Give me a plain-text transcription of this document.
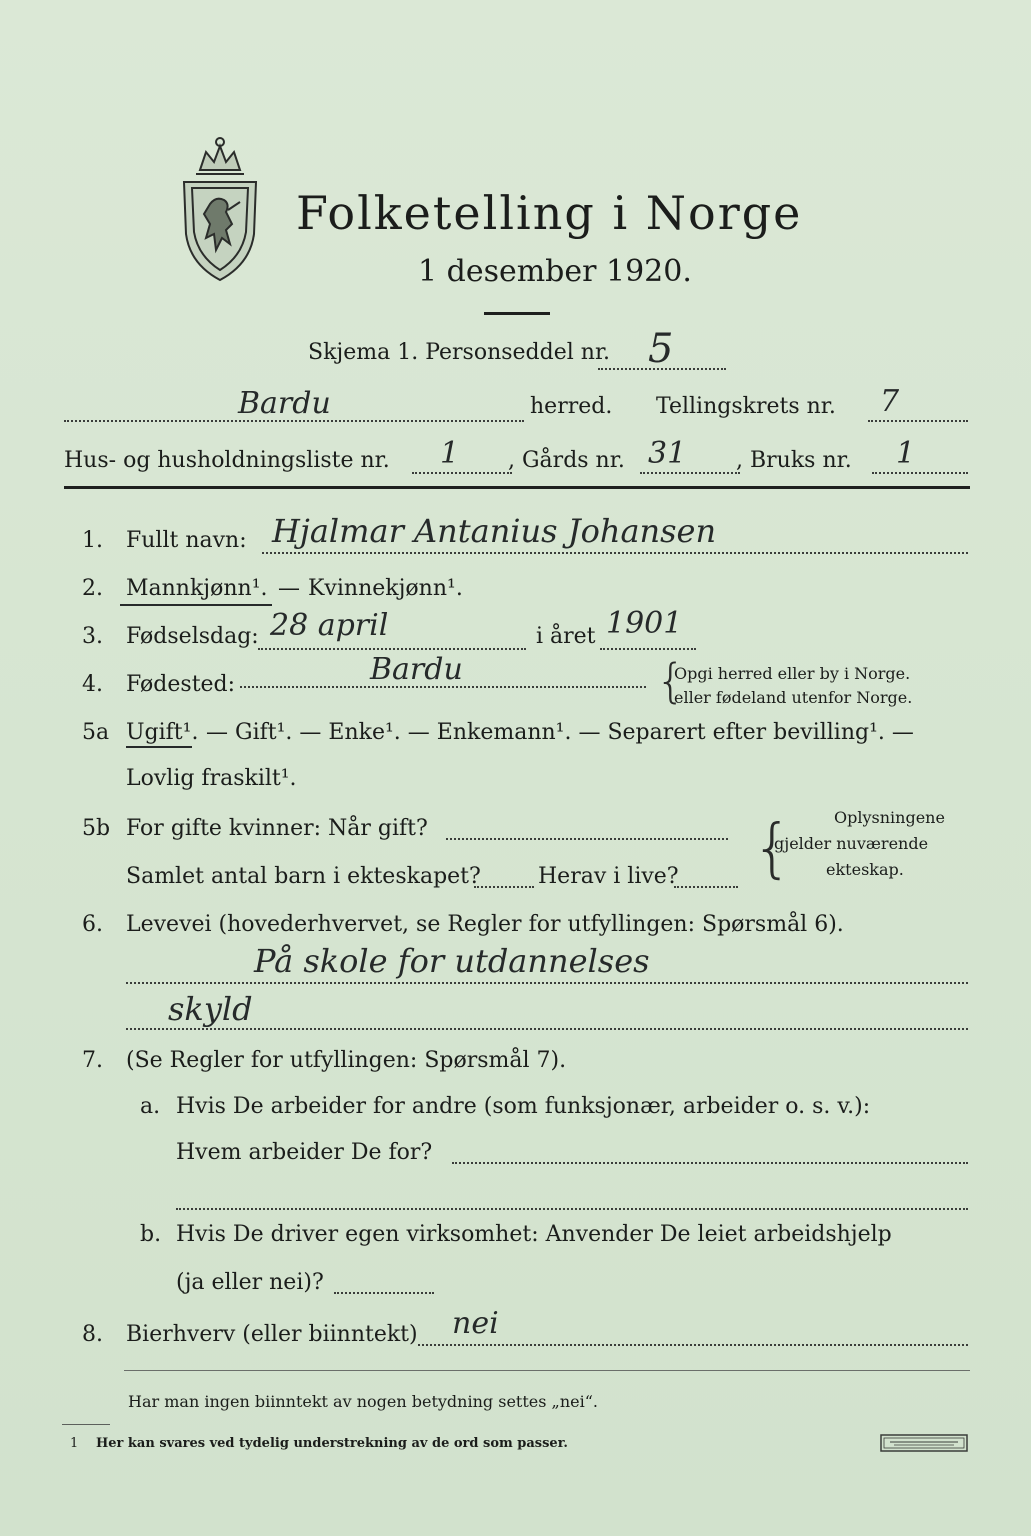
Folketelling i Norge
1 desember 1920.
Skjema 1. Personseddel nr. 5
Bardu	herred. Tellingskrets nr. 7
Hus- og husholdningsliste nr. 1 , Gårds nr. 31 , Bruks nr. 1
1. Fullt navn: Hjalmar Antanius Johansen
2. Mannkjønn¹. — Kvinnekjønn¹.
3. Fødselsdag: 28 april	i året 1901
4. Fødested:	Bardu	{
Opgi herred eller by i Norge.
eller fødeland utenfor Norge.
5a Ugift¹. — Gift¹. — Enke¹. — Enkemann¹. — Separert efter bevilling¹. —
Lovlig fraskilt¹.
5b For gifte kvinner: Når gift?
Samlet antal barn i ekteskapet?	Herav i live? {	Oplysningene
gjelder nuværende
ekteskap.
6. Levevei (hovederhvervet, se Regler for utfyllingen: Spørsmål 6).
På skole for utdannelses
skyld
7. (Se Regler for utfyllingen: Spørsmål 7).
a. Hvis De arbeider for andre (som funksjonær, arbeider o. s. v.):
Hvem arbeider De for?
b. Hvis De driver egen virksomhet: Anvender De leiet arbeidshjelp
(ja eller nei)?
8. Bierhverv (eller biinntekt) nei
Har man ingen biinntekt av nogen betydning settes „nei“.
1 Her kan svares ved tydelig understrekning av de ord som passer.
